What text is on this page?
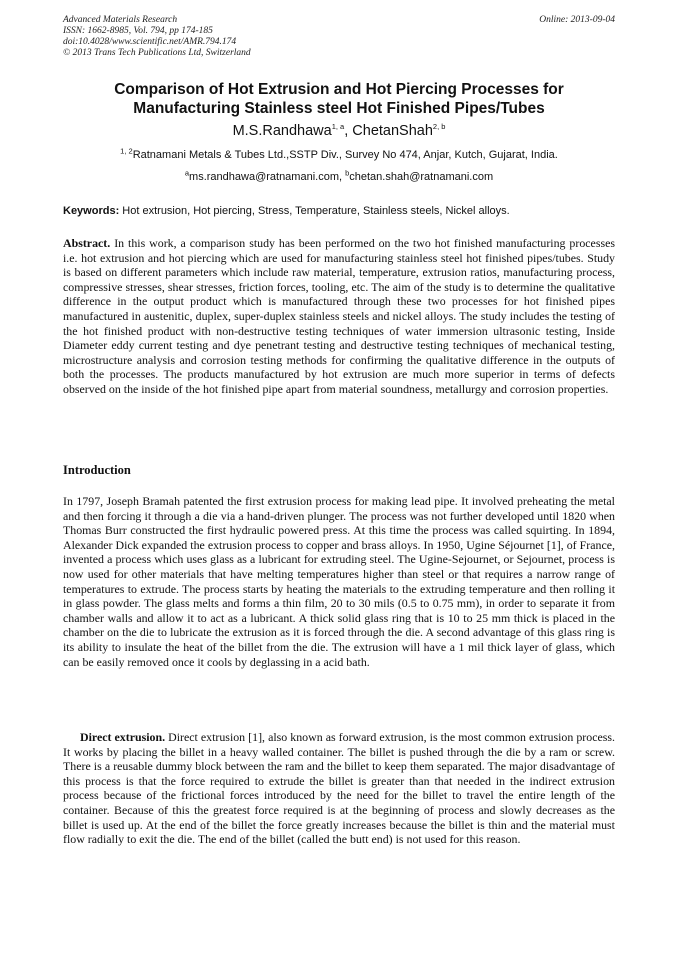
Advanced Materials Research
ISSN: 1662-8985, Vol. 794, pp 174-185
doi:10.4028/www.scientific.net/AMR.794.174
© 2013 Trans Tech Publications Ltd, Switzerland
Online: 2013-09-04
Comparison of Hot Extrusion and Hot Piercing Processes for
Manufacturing Stainless steel Hot Finished Pipes/Tubes
M.S.Randhawa$^{1, a}$, ChetanShah$^{2, b}$
$^{1, 2}$Ratnamani Metals & Tubes Ltd.,SSTP Div., Survey No 474, Anjar, Kutch, Gujarat, India.
$^a$ms.randhawa@ratnamani.com, $^b$chetan.shah@ratnamani.com
Keywords: Hot extrusion, Hot piercing, Stress, Temperature, Stainless steels, Nickel alloys.
Abstract. In this work, a comparison study has been performed on the two hot finished manufacturing processes i.e. hot extrusion and hot piercing which are used for manufacturing stainless steel hot finished pipes/tubes. Study is based on different parameters which include raw material, temperature, extrusion ratios, manufacturing process, compressive stresses, shear stresses, friction forces, tooling, etc. The aim of the study is to determine the qualitative difference in the output product which is manufactured through these two processes for hot finished pipes manufactured in austenitic, duplex, super-duplex stainless steels and nickel alloys. The study includes the testing of the hot finished product with non-destructive testing techniques of water immersion ultrasonic testing, Inside Diameter eddy current testing and dye penetrant testing and destructive testing techniques of mechanical testing, microstructure analysis and corrosion testing methods for confirming the qualitative difference in the outputs of both the processes. The products manufactured by hot extrusion are much more superior in terms of defects observed on the inside of the hot finished pipe apart from material soundness, metallurgy and corrosion properties.
Introduction
In 1797, Joseph Bramah patented the first extrusion process for making lead pipe. It involved preheating the metal and then forcing it through a die via a hand-driven plunger. The process was not further developed until 1820 when Thomas Burr constructed the first hydraulic powered press. At this time the process was called squirting. In 1894, Alexander Dick expanded the extrusion process to copper and brass alloys. In 1950, Ugine Séjournet [1], of France, invented a process which uses glass as a lubricant for extruding steel. The Ugine-Sejournet, or Sejournet, process is now used for other materials that have melting temperatures higher than steel or that requires a narrow range of temperatures to extrude. The process starts by heating the materials to the extruding temperature and then rolling it in glass powder. The glass melts and forms a thin film, 20 to 30 mils (0.5 to 0.75 mm), in order to separate it from chamber walls and allow it to act as a lubricant. A thick solid glass ring that is 10 to 25 mm thick is placed in the chamber on the die to lubricate the extrusion as it is forced through the die. A second advantage of this glass ring is its ability to insulate the heat of the billet from the die. The extrusion will have a 1 mil thick layer of glass, which can be easily removed once it cools by deglassing in a acid bath.
Direct extrusion. Direct extrusion [1], also known as forward extrusion, is the most common extrusion process. It works by placing the billet in a heavy walled container. The billet is pushed through the die by a ram or screw. There is a reusable dummy block between the ram and the billet to keep them separated. The major disadvantage of this process is that the force required to extrude the billet is greater than that needed in the indirect extrusion process because of the frictional forces introduced by the need for the billet to travel the entire length of the container. Because of this the greatest force required is at the beginning of process and slowly decreases as the billet is used up. At the end of the billet the force greatly increases because the billet is thin and the material must flow radially to exit the die. The end of the billet (called the butt end) is not used for this reason.
